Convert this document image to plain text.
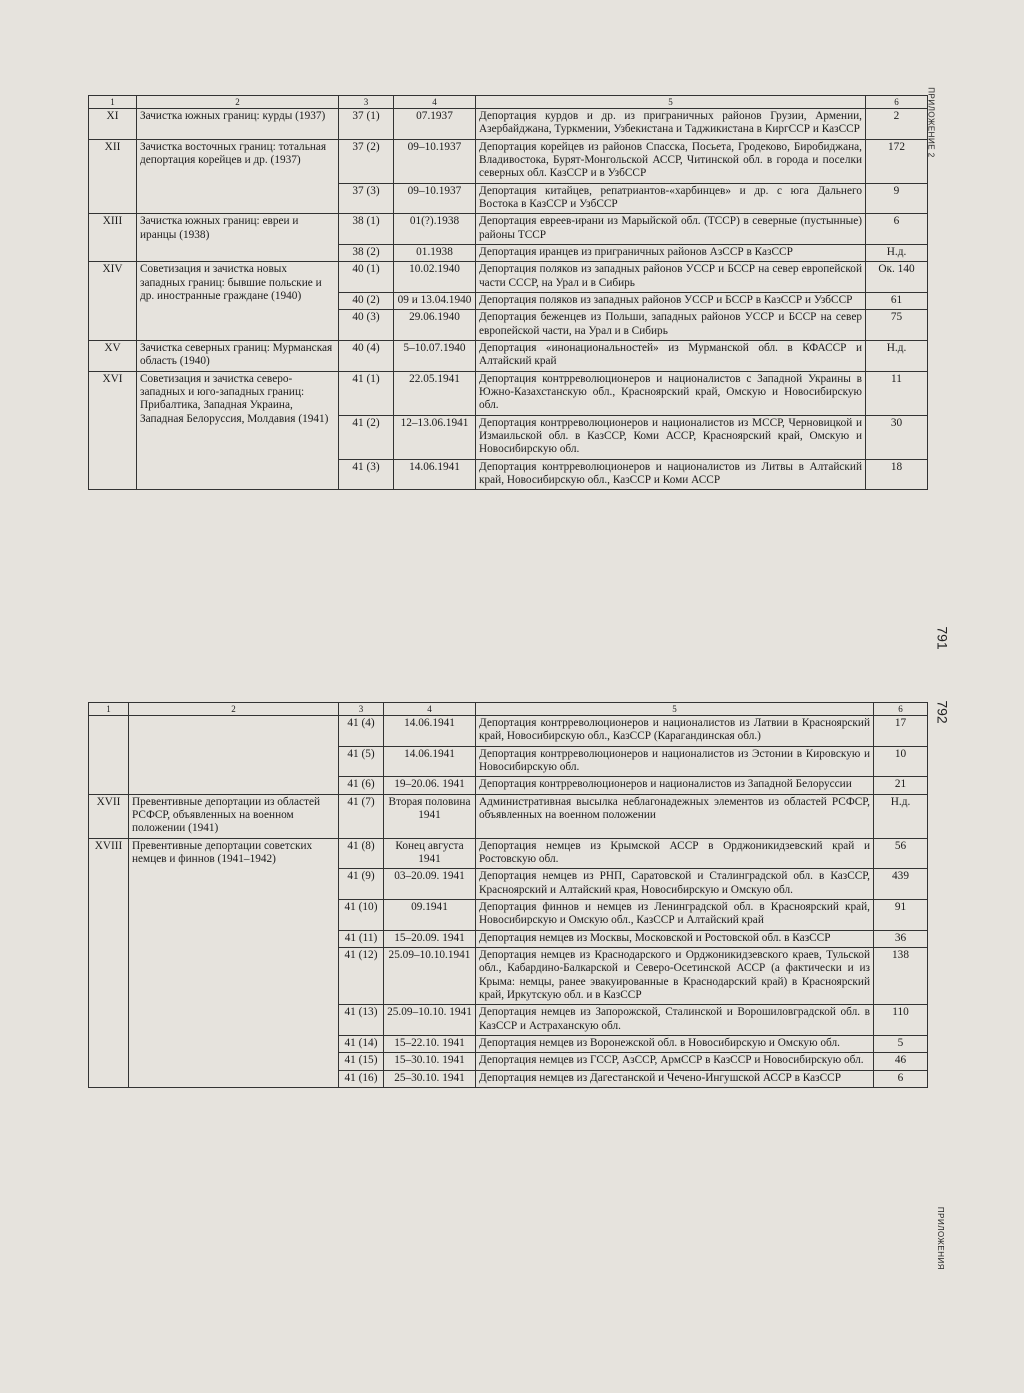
ПРИЛОЖЕНИЕ 2
791
792
ПРИЛОЖЕНИЯ
1	2	3	4	5	6
XI	Зачистка южных границ: курды (1937)	37 (1)	07.1937	Депортация курдов и др. из приграничных районов Грузии, Армении, Азербайджана, Туркмении, Узбекистана и Таджикистана в КиргССР и КазССР	2
XII	Зачистка восточных границ: тотальная депортация корейцев и др. (1937)	37 (2)	09–10.1937	Депортация корейцев из районов Спасска, Посьета, Гродеково, Биробиджана, Владивостока, Бурят-Монгольской АССР, Читинской обл. в города и поселки северных обл. КазССР и в УзбССР	172
		37 (3)	09–10.1937	Депортация китайцев, репатриантов-«харбинцев» и др. с юга Дальнего Востока в КазССР и УзбССР	9
XIII	Зачистка южных границ: евреи и иранцы (1938)	38 (1)	01(?).1938	Депортация евреев-ирани из Марыйской обл. (ТССР) в северные (пустынные) районы ТССР	6
		38 (2)	01.1938	Депортация иранцев из приграничных районов АзССР в КазССР	Н.д.
XIV	Советизация и зачистка новых западных границ: бывшие польские и др. иностранные граждане (1940)	40 (1)	10.02.1940	Депортация поляков из западных районов УССР и БССР на север европейской части СССР, на Урал и в Сибирь	Ок. 140
		40 (2)	09 и 13.04.1940	Депортация поляков из западных районов УССР и БССР в КазССР и УзбССР	61
		40 (3)	29.06.1940	Депортация беженцев из Польши, западных районов УССР и БССР на север европейской части, на Урал и в Сибирь	75
XV	Зачистка северных границ: Мурманская область (1940)	40 (4)	5–10.07.1940	Депортация «инонациональностей» из Мурманской обл. в КФАССР и Алтайский край	Н.д.
XVI	Советизация и зачистка северо-западных и юго-западных границ: Прибалтика, Западная Украина, Западная Белоруссия, Молдавия (1941)	41 (1)	22.05.1941	Депортация контрреволюционеров и националистов с Западной Украины в Южно-Казахстанскую обл., Красноярский край, Омскую и Новосибирскую обл.	11
		41 (2)	12–13.06.1941	Депортация контрреволюционеров и националистов из МССР, Черновицкой и Измаильской обл. в КазССР, Коми АССР, Красноярский край, Омскую и Новосибирскую обл.	30
		41 (3)	14.06.1941	Депортация контрреволюционеров и националистов из Литвы в Алтайский край, Новосибирскую обл., КазССР и Коми АССР	18
1	2	3	4	5	6
		41 (4)	14.06.1941	Депортация контрреволюционеров и националистов из Латвии в Красноярский край, Новосибирскую обл., КазССР (Карагандинская обл.)	17
		41 (5)	14.06.1941	Депортация контрреволюционеров и националистов из Эстонии в Кировскую и Новосибирскую обл.	10
		41 (6)	19–20.06. 1941	Депортация контрреволюционеров и националистов из Западной Белоруссии	21
XVII	Превентивные депортации из областей РСФСР, объявленных на военном положении (1941)	41 (7)	Вторая половина 1941	Административная высылка неблагонадежных элементов из областей РСФСР, объявленных на военном положении	Н.д.
XVIII	Превентивные депортации советских немцев и финнов (1941–1942)	41 (8)	Конец августа 1941	Депортация немцев из Крымской АССР в Орджоникидзевский край и Ростовскую обл.	56
		41 (9)	03–20.09. 1941	Депортация немцев из РНП, Саратовской и Сталинградской обл. в КазССР, Красноярский и Алтайский края, Новосибирскую и Омскую обл.	439
		41 (10)	09.1941	Депортация финнов и немцев из Ленинградской обл. в Красноярский край, Новосибирскую и Омскую обл., КазССР и Алтайский край	91
		41 (11)	15–20.09. 1941	Депортация немцев из Москвы, Московской и Ростовской обл. в КазССР	36
		41 (12)	25.09–10.10.1941	Депортация немцев из Краснодарского и Орджоникидзевского краев, Тульской обл., Кабардино-Балкарской и Северо-Осетинской АССР (а фактически и из Крыма: немцы, ранее эвакуированные в Краснодарский край) в Красноярский край, Иркутскую обл. и в КазССР	138
		41 (13)	25.09–10.10. 1941	Депортация немцев из Запорожской, Сталинской и Ворошиловградской обл. в КазССР и Астраханскую обл.	110
		41 (14)	15–22.10. 1941	Депортация немцев из Воронежской обл. в Новосибирскую и Омскую обл.	5
		41 (15)	15–30.10. 1941	Депортация немцев из ГССР, АзССР, АрмССР в КазССР и Новосибирскую обл.	46
		41 (16)	25–30.10. 1941	Депортация немцев из Дагестанской и Чечено-Ингушской АССР в КазССР	6
